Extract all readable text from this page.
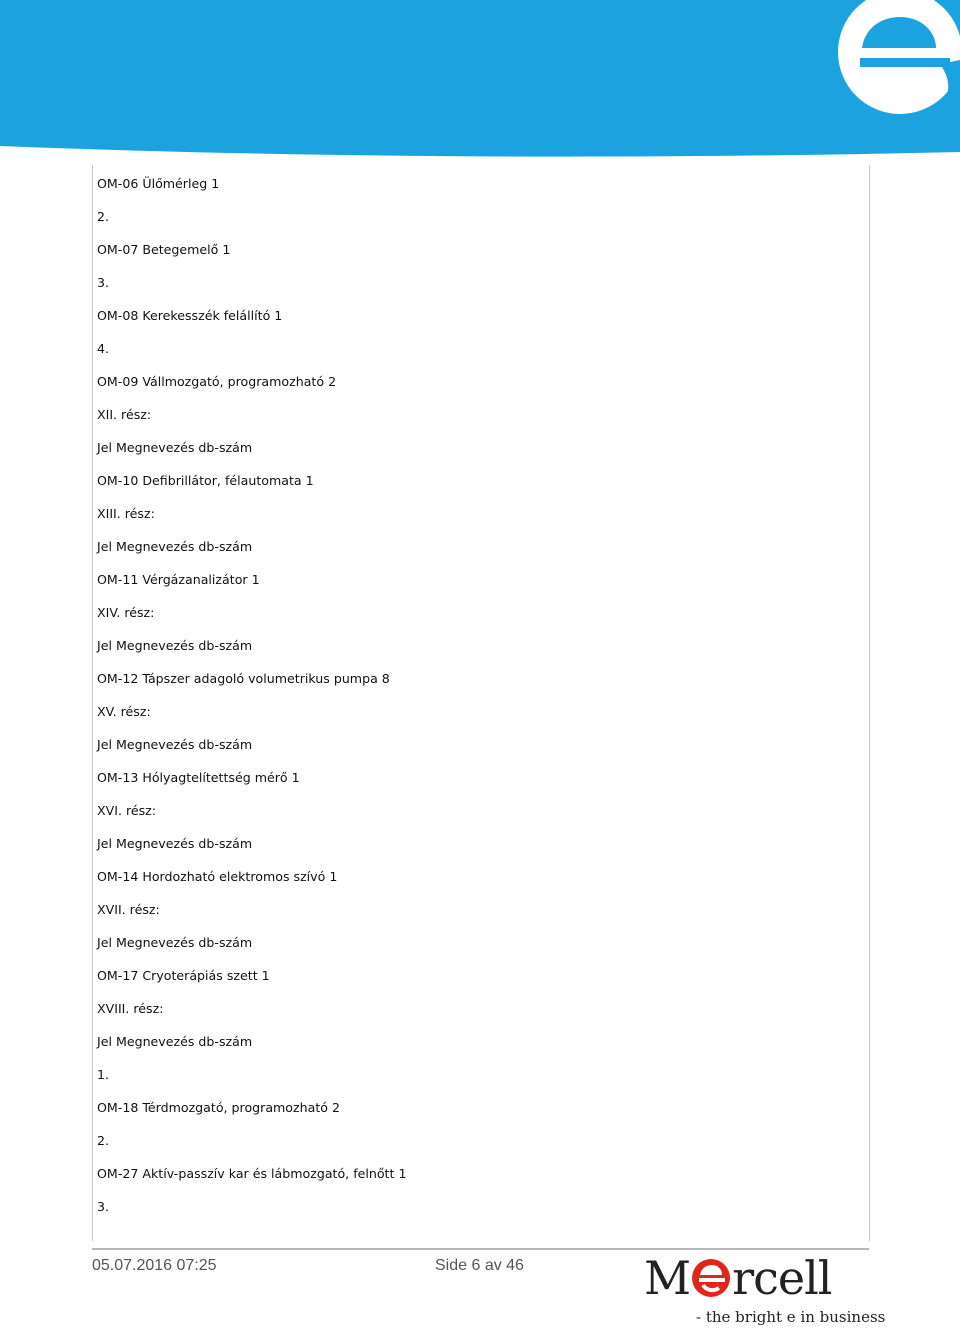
OM-06 Ülőmérleg 1
2.
OM-07 Betegemelő 1
3.
OM-08 Kerekesszék felállító 1
4.
OM-09 Vállmozgató, programozható 2
XII. rész:
Jel Megnevezés db-szám
OM-10 Defibrillátor, félautomata 1
XIII. rész:
Jel Megnevezés db-szám
OM-11 Vérgázanalizátor 1
XIV. rész:
Jel Megnevezés db-szám
OM-12 Tápszer adagoló volumetrikus pumpa 8
XV. rész:
Jel Megnevezés db-szám
OM-13 Hólyagtelítettség mérő 1
XVI. rész:
Jel Megnevezés db-szám
OM-14 Hordozható elektromos szívó 1
XVII. rész:
Jel Megnevezés db-szám
OM-17 Cryoterápiás szett 1
XVIII. rész:
Jel Megnevezés db-szám
1.
OM-18 Térdmozgató, programozható 2
2.
OM-27 Aktív-passzív kar és lábmozgató, felnőtt 1
3.
05.07.2016 07:25	Side 6 av 46	M rcell
- the bright e in business
